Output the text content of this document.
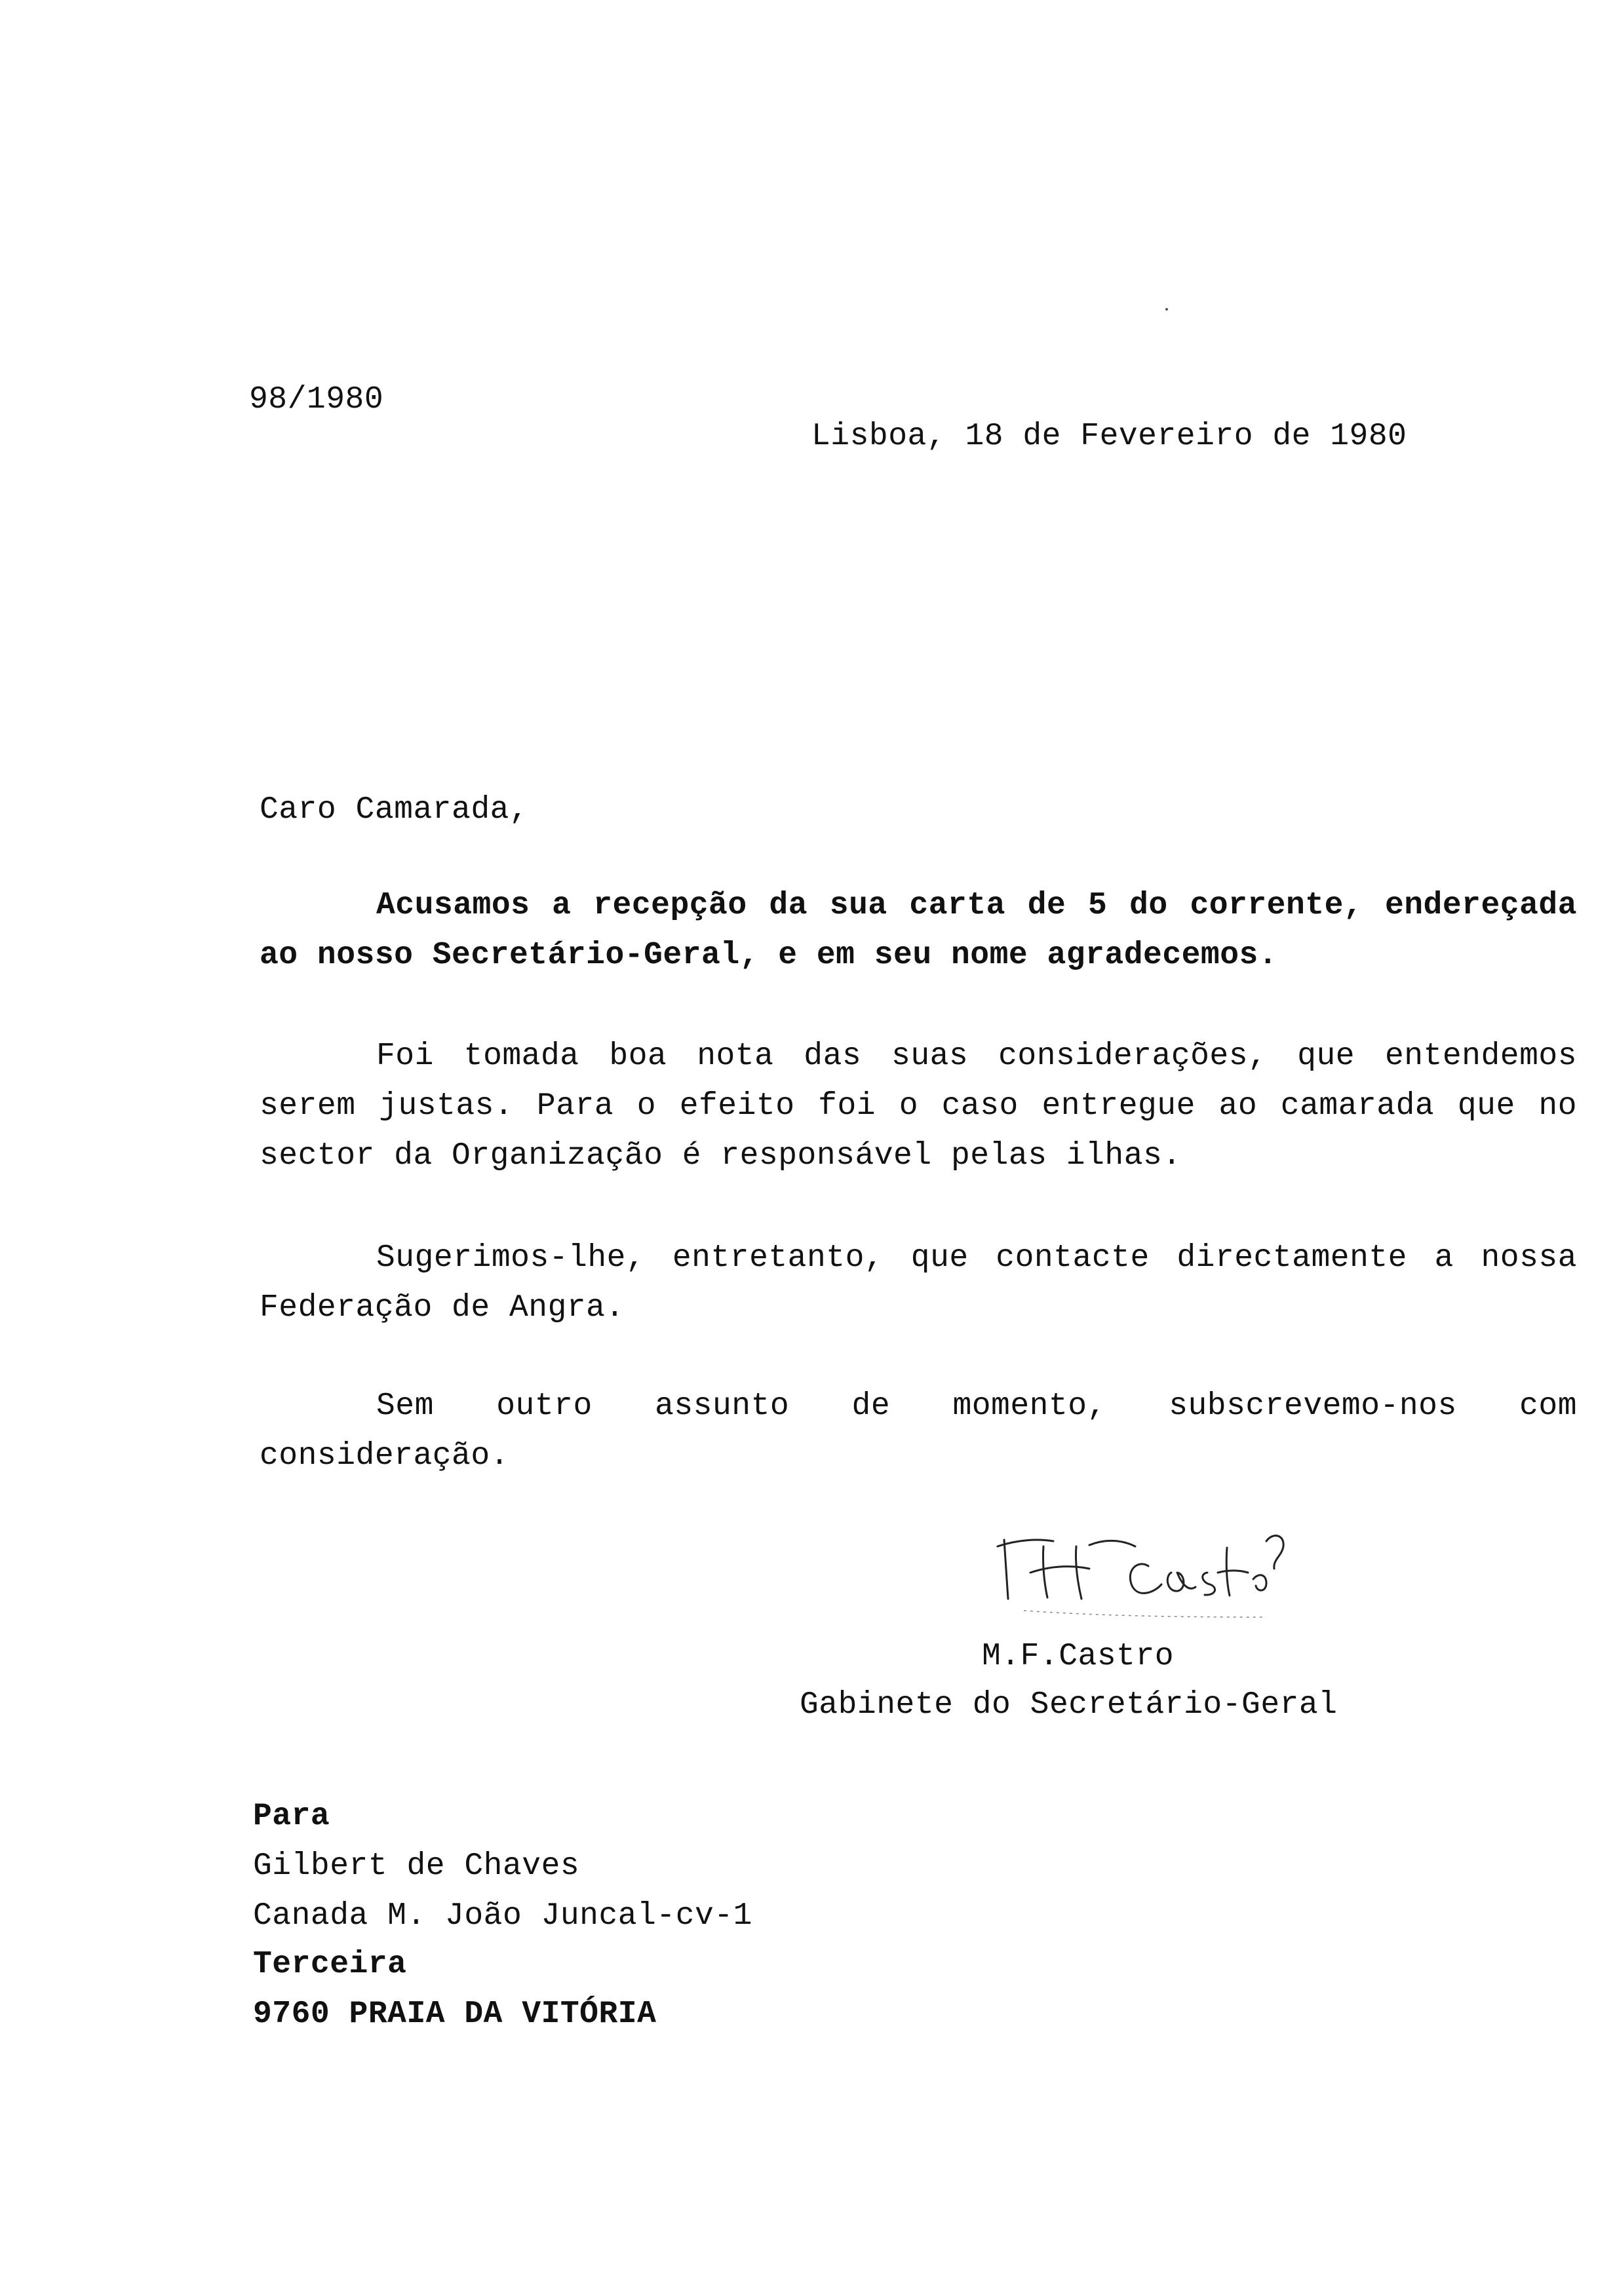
98/1980
Lisboa, 18 de Fevereiro de 1980
Caro Camarada,
Acusamos a recepção da sua carta de 5 do corrente, endereçada ao nosso Secretário-Geral, e em seu nome agradecemos.
Foi tomada boa nota das suas considerações, que entendemos serem justas. Para o efeito foi o caso entregue ao camarada que no sector da Organização é responsável pelas ilhas.
Sugerimos-lhe, entretanto, que contacte directamente a nossa Federação de Angra.
Sem outro assunto de momento, subscrevemo-nos com consideração.
M.F.Castro
Gabinete do Secretário-Geral
Para
Gilbert de Chaves
Canada M. João Juncal-cv-1
Terceira
9760 PRAIA DA VITÓRIA
